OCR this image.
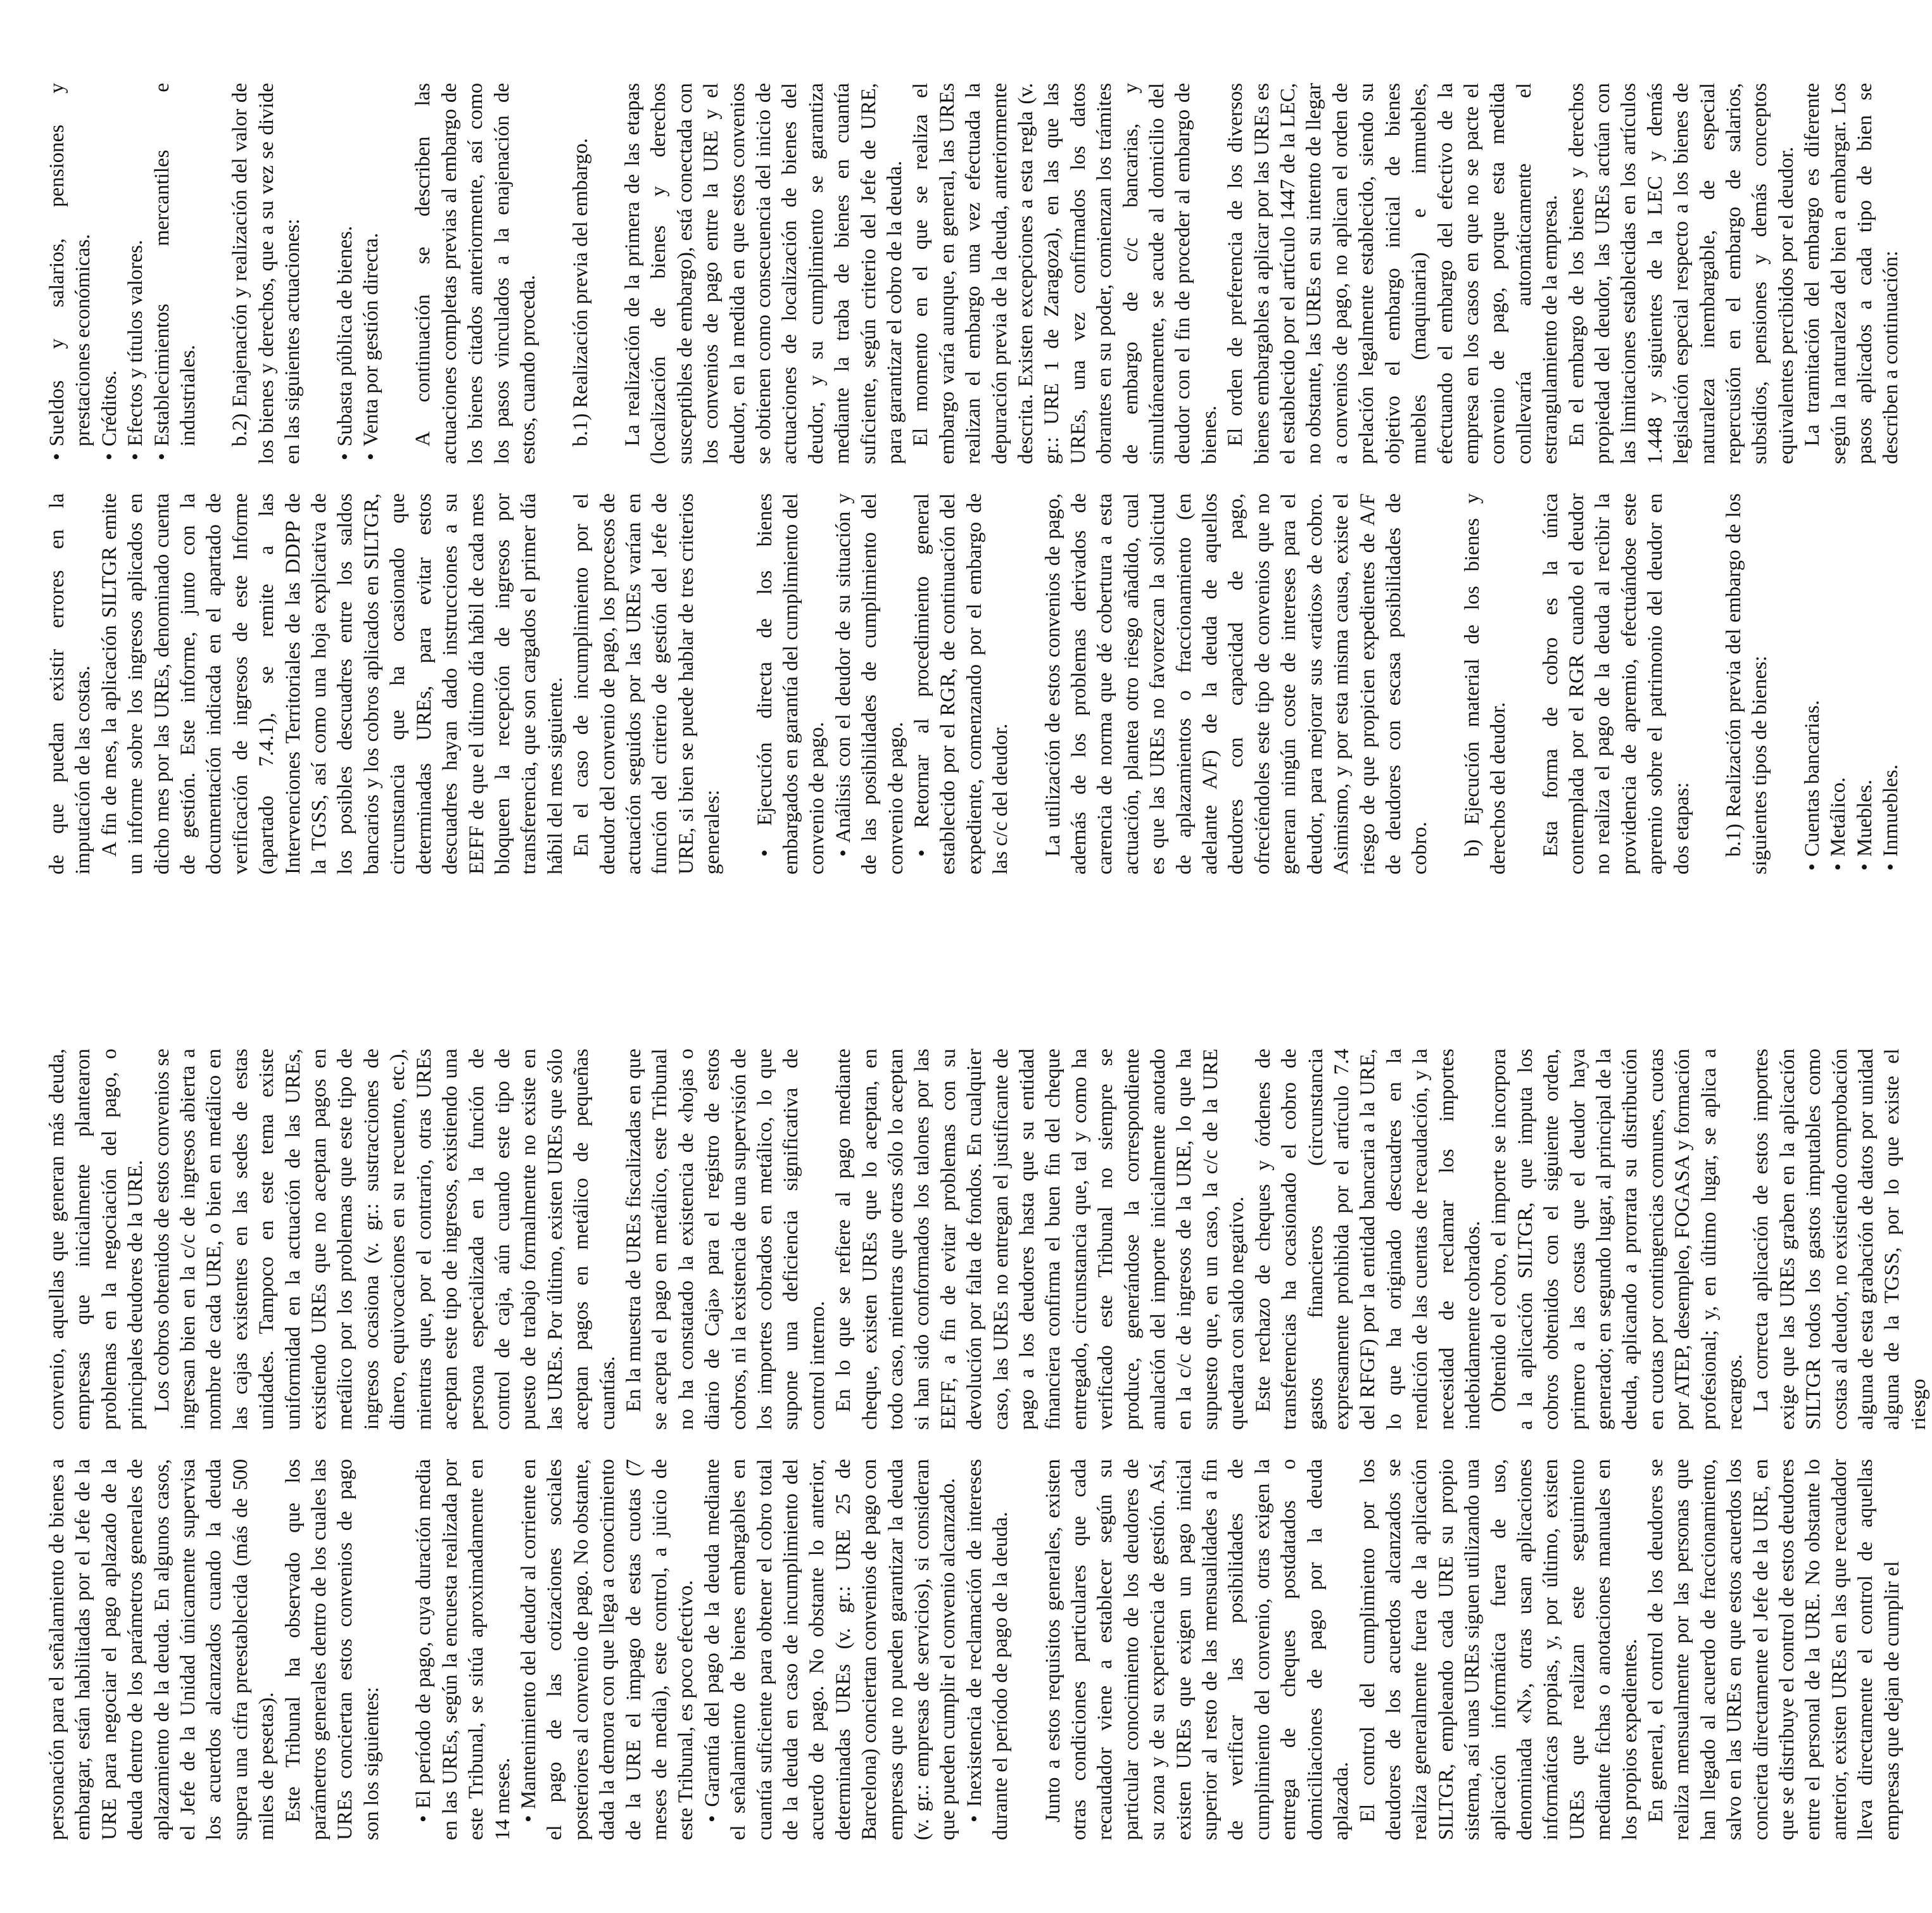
personación para el señalamiento de bienes a embargar, están habilitadas por el Jefe de la URE para negociar el pago aplazado de la deuda dentro de los parámetros generales de aplazamiento de la deuda. En algunos casos, el Jefe de la Unidad únicamente supervisa los acuerdos alcanzados cuando la deuda supera una cifra preestablecida (más de 500 miles de pesetas). Este Tribunal ha observado que los parámetros generales dentro de los cuales las UREs conciertan estos convenios de pago son los siguientes: • El período de pago, cuya duración media en las UREs, según la encuesta realizada por este Tribunal, se sitúa aproximadamente en 14 meses. • Mantenimiento del deudor al corriente en el pago de las cotizaciones sociales posteriores al convenio de pago. No obstante, dada la demora con que llega a conocimiento de la URE el impago de estas cuotas (7 meses de media), este control, a juicio de este Tribunal, es poco efectivo. • Garantía del pago de la deuda mediante el señalamiento de bienes embargables en cuantía suficiente para obtener el cobro total de la deuda en caso de incumplimiento del acuerdo de pago. No obstante lo anterior, determinadas UREs (v. gr.: URE 25 de Barcelona) conciertan convenios de pago con empresas que no pueden garantizar la deuda (v. gr.: empresas de servicios), si consideran que pueden cumplir el convenio alcanzado. • Inexistencia de reclamación de intereses durante el período de pago de la deuda. Junto a estos requisitos generales, existen otras condiciones particulares que cada recaudador viene a establecer según su particular conocimiento de los deudores de su zona y de su experiencia de gestión. Así, existen UREs que exigen un pago inicial superior al resto de las mensualidades a fin de verificar las posibilidades de cumplimiento del convenio, otras exigen la entrega de cheques postdatados o domiciliaciones de pago por la deuda aplazada. El control del cumplimiento por los deudores de los acuerdos alcanzados se realiza generalmente fuera de la aplicación SILTGR, empleando cada URE su propio sistema, así unas UREs siguen utilizando una aplicación informática fuera de uso, denominada «N», otras usan aplicaciones informáticas propias, y, por último, existen UREs que realizan este seguimiento mediante fichas o anotaciones manuales en los propios expedientes. En general, el control de los deudores se realiza mensualmente por las personas que han llegado al acuerdo de fraccionamiento, salvo en las UREs en que estos acuerdos los concierta directamente el Jefe de la URE, en que se distribuye el control de estos deudores entre el personal de la URE. No obstante lo anterior, existen UREs en las que recaudador lleva directamente el control de aquellas empresas que dejan de cumplir el

convenio, aquellas que generan más deuda, empresas que inicialmente plantearon problemas en la negociación del pago, o principales deudores de la URE. Los cobros obtenidos de estos convenios se ingresan bien en la c/c de ingresos abierta a nombre de cada URE, o bien en metálico en las cajas existentes en las sedes de estas unidades. Tampoco en este tema existe uniformidad en la actuación de las UREs, existiendo UREs que no aceptan pagos en metálico por los problemas que este tipo de ingresos ocasiona (v. gr.: sustracciones de dinero, equivocaciones en su recuento, etc.), mientras que, por el contrario, otras UREs aceptan este tipo de ingresos, existiendo una persona especializada en la función de control de caja, aún cuando este tipo de puesto de trabajo formalmente no existe en las UREs. Por último, existen UREs que sólo aceptan pagos en metálico de pequeñas cuantías. En la muestra de UREs fiscalizadas en que se acepta el pago en metálico, este Tribunal no ha constatado la existencia de «hojas o diario de Caja» para el registro de estos cobros, ni la existencia de una supervisión de los importes cobrados en metálico, lo que supone una deficiencia significativa de control interno. En lo que se refiere al pago mediante cheque, existen UREs que lo aceptan, en todo caso, mientras que otras sólo lo aceptan si han sido conformados los talones por las EEFF, a fin de evitar problemas con su devolución por falta de fondos. En cualquier caso, las UREs no entregan el justificante de pago a los deudores hasta que su entidad financiera confirma el buen fin del cheque entregado, circunstancia que, tal y como ha verificado este Tribunal no siempre se produce, generándose la correspondiente anulación del importe inicialmente anotado en la c/c de ingresos de la URE, lo que ha supuesto que, en un caso, la c/c de la URE quedara con saldo negativo. Este rechazo de cheques y órdenes de transferencias ha ocasionado el cobro de gastos financieros (circunstancia expresamente prohibida por el artículo 7.4 del RFGF) por la entidad bancaria a la URE, lo que ha originado descuadres en la rendición de las cuentas de recaudación, y la necesidad de reclamar los importes indebidamente cobrados. Obtenido el cobro, el importe se incorpora a la aplicación SILTGR, que imputa los cobros obtenidos con el siguiente orden, primero a las costas que el deudor haya generado; en segundo lugar, al principal de la deuda, aplicando a prorrata su distribución en cuotas por contingencias comunes, cuotas por ATEP, desempleo, FOGASA y formación profesional; y, en último lugar, se aplica a recargos. La correcta aplicación de estos importes exige que las UREs graben en la aplicación SILTGR todos los gastos imputables como costas al deudor, no existiendo comprobación alguna de esta grabación de datos por unidad alguna de la TGSS, por lo que existe el riesgo

de que puedan existir errores en la imputación de las costas. A fin de mes, la aplicación SILTGR emite un informe sobre los ingresos aplicados en dicho mes por las UREs, denominado cuenta de gestión. Este informe, junto con la documentación indicada en el apartado de verificación de ingresos de este Informe (apartado 7.4.1), se remite a las Intervenciones Territoriales de las DDPP de la TGSS, así como una hoja explicativa de los posibles descuadres entre los saldos bancarios y los cobros aplicados en SILTGR, circunstancia que ha ocasionado que determinadas UREs, para evitar estos descuadres hayan dado instrucciones a su EEFF de que el último día hábil de cada mes bloqueen la recepción de ingresos por transferencia, que son cargados el primer día hábil del mes siguiente. En el caso de incumplimiento por el deudor del convenio de pago, los procesos de actuación seguidos por las UREs varían en función del criterio de gestión del Jefe de URE, si bien se puede hablar de tres criterios generales: • Ejecución directa de los bienes embargados en garantía del cumplimiento del convenio de pago. • Análisis con el deudor de su situación y de las posibilidades de cumplimiento del convenio de pago. • Retornar al procedimiento general establecido por el RGR, de continuación del expediente, comenzando por el embargo de las c/c del deudor. La utilización de estos convenios de pago, además de los problemas derivados de carencia de norma que dé cobertura a esta actuación, plantea otro riesgo añadido, cual es que las UREs no favorezcan la solicitud de aplazamientos o fraccionamiento (en adelante A/F) de la deuda de aquellos deudores con capacidad de pago, ofreciéndoles este tipo de convenios que no generan ningún coste de intereses para el deudor, para mejorar sus «ratios» de cobro. Asimismo, y por esta misma causa, existe el riesgo de que propicien expedientes de A/F de deudores con escasa posibilidades de cobro. b) Ejecución material de los bienes y derechos del deudor. Esta forma de cobro es la única contemplada por el RGR cuando el deudor no realiza el pago de la deuda al recibir la providencia de apremio, efectuándose este apremio sobre el patrimonio del deudor en dos etapas: b.1) Realización previa del embargo de los siguientes tipos de bienes: •
Cuentas bancarias.
•
Metálico.
•
Muebles.
•
Inmuebles.
•
Sueldos y salarios, pensiones y prestaciones económicas.
•
Créditos.
•
Efectos y títulos valores.
•
Establecimientos mercantiles e industriales. b.2) Enajenación y realización del valor de los bienes y derechos, que a su vez se divide en las siguientes actuaciones: •
Subasta pública de bienes.
•
Venta por gestión directa. A continuación se describen las actuaciones completas previas al embargo de los bienes citados anteriormente, así como los pasos vinculados a la enajenación de estos, cuando proceda. b.1) Realización previa del embargo. La realización de la primera de las etapas (localización de bienes y derechos susceptibles de embargo), está conectada con los convenios de pago entre la URE y el deudor, en la medida en que estos convenios se obtienen como consecuencia del inicio de actuaciones de localización de bienes del deudor, y su cumplimiento se garantiza mediante la traba de bienes en cuantía suficiente, según criterio del Jefe de URE, para garantizar el cobro de la deuda. El momento en el que se realiza el embargo varía aunque, en general, las UREs realizan el embargo una vez efectuada la depuración previa de la deuda, anteriormente descrita. Existen excepciones a esta regla (v. gr.: URE 1 de Zaragoza), en las que las UREs, una vez confirmados los datos obrantes en su poder, comienzan los trámites de embargo de c/c bancarias, y simultáneamente, se acude al domicilio del deudor con el fin de proceder al embargo de bienes. El orden de preferencia de los diversos bienes embargables a aplicar por las UREs es el establecido por el artículo 1447 de la LEC, no obstante, las UREs en su intento de llegar a convenios de pago, no aplican el orden de prelación legalmente establecido, siendo su objetivo el embargo inicial de bienes muebles (maquinaria) e inmuebles, efectuando el embargo del efectivo de la empresa en los casos en que no se pacte el convenio de pago, porque esta medida conllevaría automáticamente el estrangulamiento de la empresa. En el embargo de los bienes y derechos propiedad del deudor, las UREs actúan con las limitaciones establecidas en los artículos 1.448 y siguientes de la LEC y demás legislación especial respecto a los bienes de naturaleza inembargable, de especial repercusión en el embargo de salarios, subsidios, pensiones y demás conceptos equivalentes percibidos por el deudor. La tramitación del embargo es diferente según la naturaleza del bien a embargar. Los pasos aplicados a cada tipo de bien se describen a continuación:
